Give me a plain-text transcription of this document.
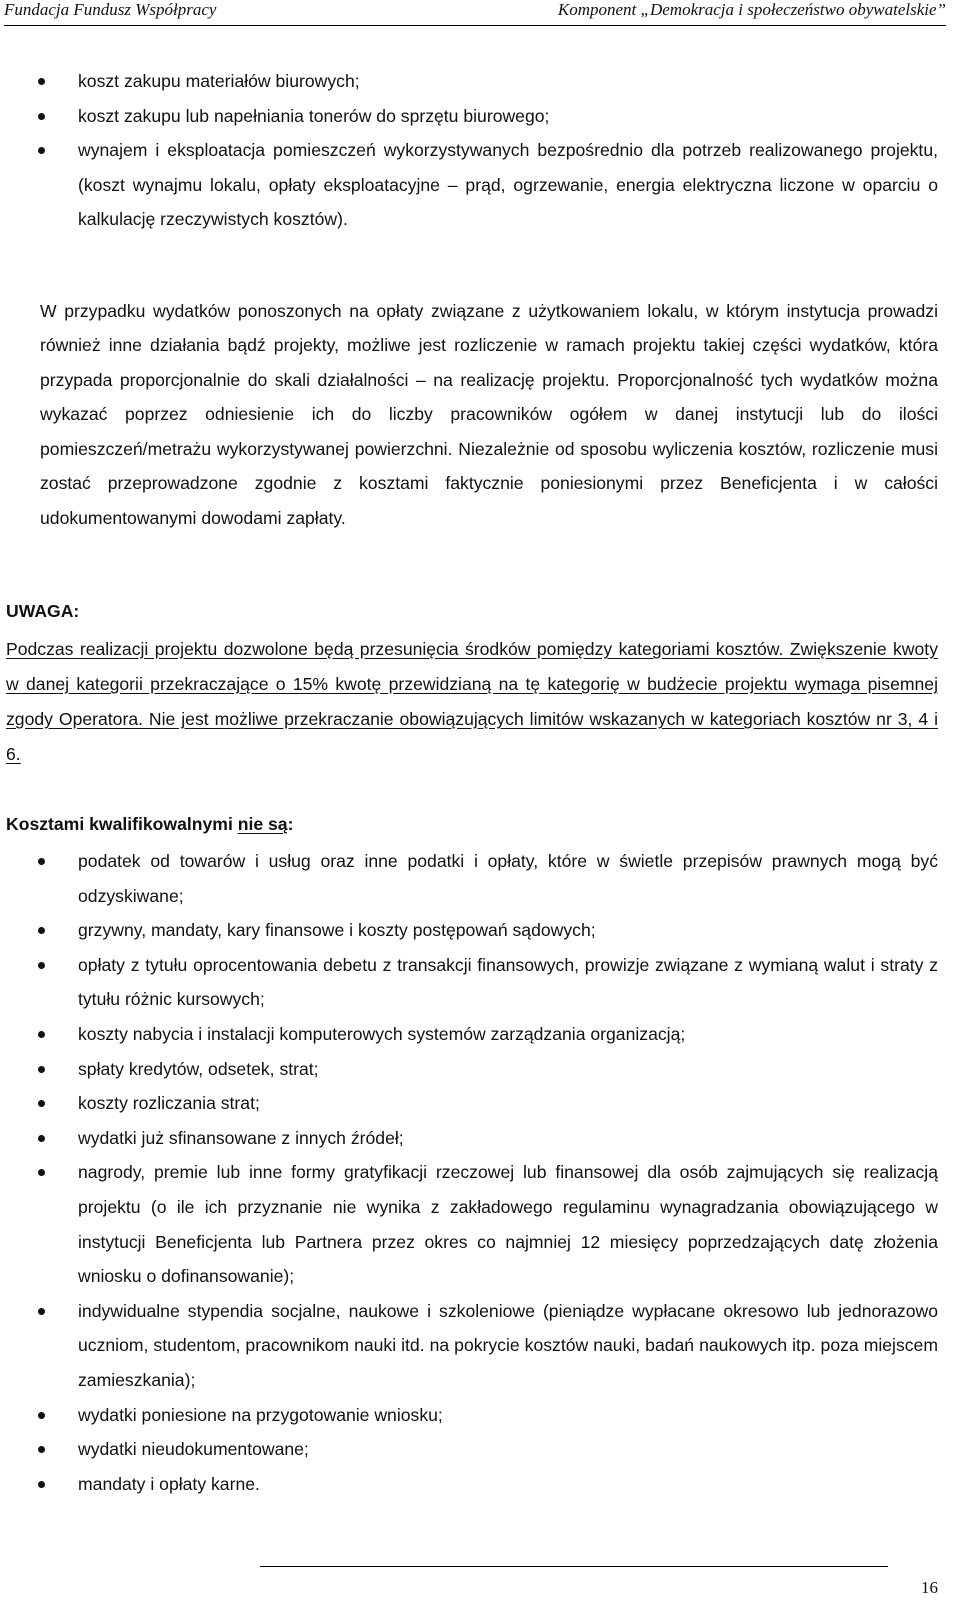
Fundacja Fundusz Współpracy	Komponent „Demokracja i społeczeństwo obywatelskie”
koszt zakupu materiałów biurowych;
koszt zakupu lub napełniania tonerów do sprzętu biurowego;
wynajem i eksploatacja pomieszczeń wykorzystywanych bezpośrednio dla potrzeb realizowanego projektu, (koszt wynajmu lokalu, opłaty eksploatacyjne – prąd, ogrzewanie, energia elektryczna liczone w oparciu o kalkulację rzeczywistych kosztów).

W przypadku wydatków ponoszonych na opłaty związane z użytkowaniem lokalu, w którym instytucja prowadzi również inne działania bądź projekty, możliwe jest rozliczenie w ramach projektu takiej części wydatków, która przypada proporcjonalnie do skali działalności – na realizację projektu. Proporcjonalność tych wydatków można wykazać poprzez odniesienie ich do liczby pracowników ogółem w danej instytucji lub do ilości pomieszczeń/metrażu wykorzystywanej powierzchni. Niezależnie od sposobu wyliczenia kosztów, rozliczenie musi zostać przeprowadzone zgodnie z kosztami faktycznie poniesionymi przez Beneficjenta i w całości udokumentowanymi dowodami zapłaty.

UWAGA:
Podczas realizacji projektu dozwolone będą przesunięcia środków pomiędzy kategoriami kosztów. Zwiększenie kwoty w danej kategorii przekraczające o 15% kwotę przewidzianą na tę kategorię w budżecie projektu wymaga pisemnej zgody Operatora. Nie jest możliwe przekraczanie obowiązujących limitów wskazanych w kategoriach kosztów nr 3, 4 i 6.
Kosztami kwalifikowalnymi nie są:
podatek od towarów i usług oraz inne podatki i opłaty, które w świetle przepisów prawnych mogą być odzyskiwane;
grzywny, mandaty, kary finansowe i koszty postępowań sądowych;
opłaty z tytułu oprocentowania debetu z transakcji finansowych, prowizje związane z wymianą walut i straty z tytułu różnic kursowych;
koszty nabycia i instalacji komputerowych systemów zarządzania organizacją;
spłaty kredytów, odsetek, strat;
koszty rozliczania strat;
wydatki już sfinansowane z innych źródeł;
nagrody, premie lub inne formy gratyfikacji rzeczowej lub finansowej dla osób zajmujących się realizacją projektu (o ile ich przyznanie nie wynika z zakładowego regulaminu wynagradzania obowiązującego w instytucji Beneficjenta lub Partnera przez okres co najmniej 12 miesięcy poprzedzających datę złożenia wniosku o dofinansowanie);
indywidualne stypendia socjalne, naukowe i szkoleniowe (pieniądze wypłacane okresowo lub jednorazowo uczniom, studentom, pracownikom nauki itd. na pokrycie kosztów nauki, badań naukowych itp. poza miejscem zamieszkania);
wydatki poniesione na przygotowanie wniosku;
wydatki nieudokumentowane;
mandaty i opłaty karne.
16
